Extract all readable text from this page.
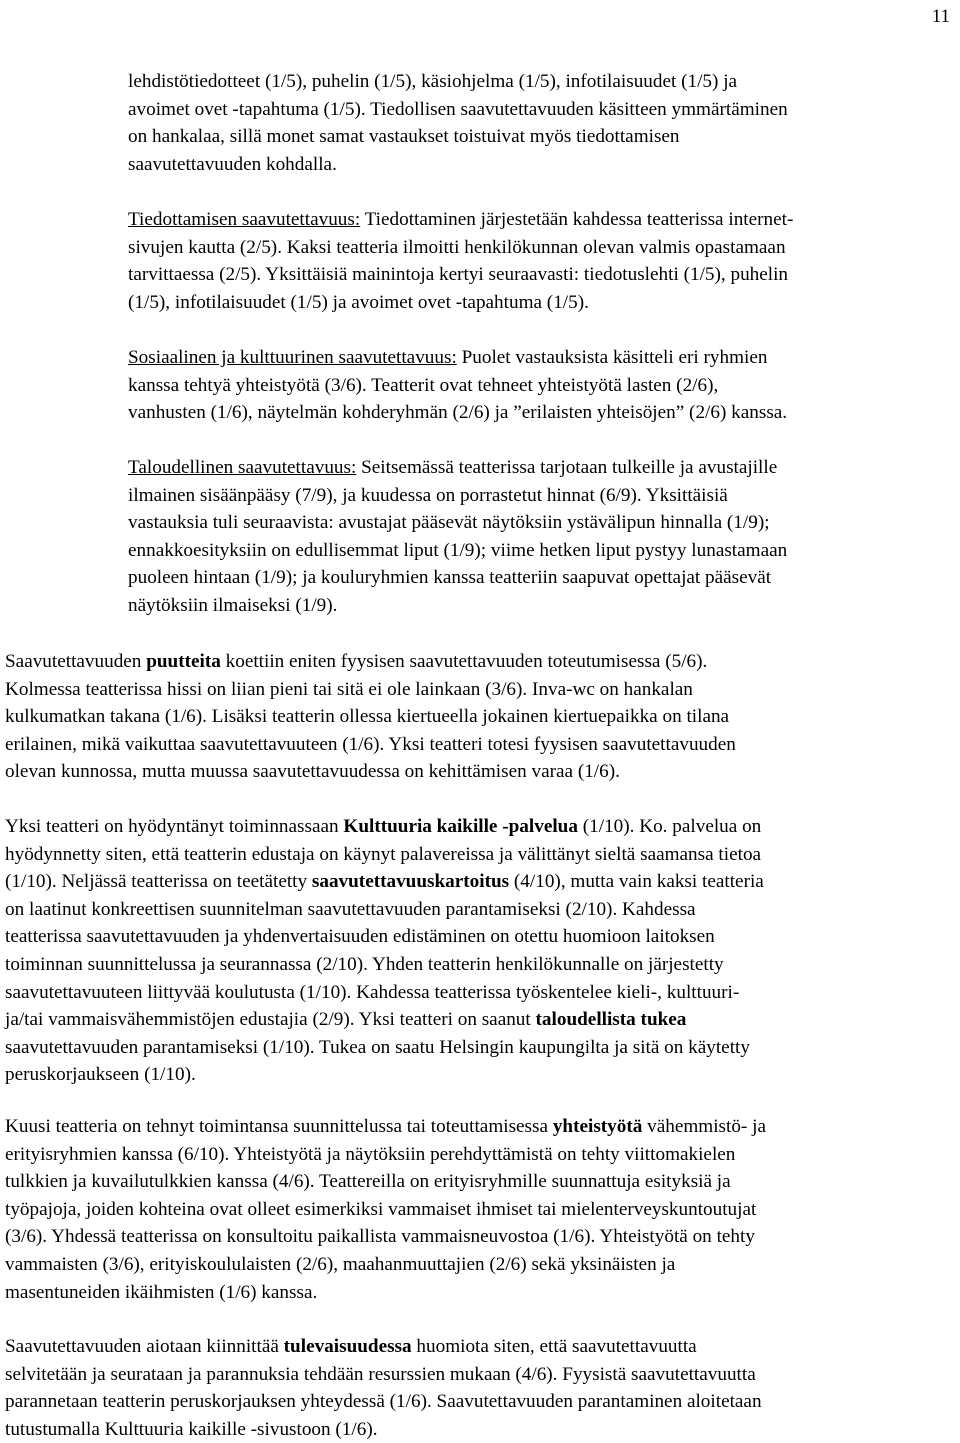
11
lehdistötiedotteet (1/5), puhelin (1/5), käsiohjelma (1/5), infotilaisuudet (1/5) ja
avoimet ovet -tapahtuma (1/5). Tiedollisen saavutettavuuden käsitteen ymmärtäminen
on hankalaa, sillä monet samat vastaukset toistuivat myös tiedottamisen
saavutettavuuden kohdalla.
Tiedottamisen saavutettavuus: Tiedottaminen järjestetään kahdessa teatterissa internet-
sivujen kautta (2/5). Kaksi teatteria ilmoitti henkilökunnan olevan valmis opastamaan
tarvittaessa (2/5). Yksittäisiä mainintoja kertyi seuraavasti: tiedotuslehti (1/5), puhelin
(1/5), infotilaisuudet (1/5) ja avoimet ovet -tapahtuma (1/5).
Sosiaalinen ja kulttuurinen saavutettavuus: Puolet vastauksista käsitteli eri ryhmien
kanssa tehtyä yhteistyötä (3/6). Teatterit ovat tehneet yhteistyötä lasten (2/6),
vanhusten (1/6), näytelmän kohderyhmän (2/6) ja ”erilaisten yhteisöjen” (2/6) kanssa.
Taloudellinen saavutettavuus: Seitsemässä teatterissa tarjotaan tulkeille ja avustajille
ilmainen sisäänpääsy (7/9), ja kuudessa on porrastetut hinnat (6/9). Yksittäisiä
vastauksia tuli seuraavista: avustajat pääsevät näytöksiin ystävälipun hinnalla (1/9);
ennakkoesityksiin on edullisemmat liput (1/9); viime hetken liput pystyy lunastamaan
puoleen hintaan (1/9); ja kouluryhmien kanssa teatteriin saapuvat opettajat pääsevät
näytöksiin ilmaiseksi (1/9).
Saavutettavuuden puutteita koettiin eniten fyysisen saavutettavuuden toteutumisessa (5/6).
Kolmessa teatterissa hissi on liian pieni tai sitä ei ole lainkaan (3/6). Inva-wc on hankalan
kulkumatkan takana (1/6). Lisäksi teatterin ollessa kiertueella jokainen kiertuepaikka on tilana
erilainen, mikä vaikuttaa saavutettavuuteen (1/6). Yksi teatteri totesi fyysisen saavutettavuuden
olevan kunnossa, mutta muussa saavutettavuudessa on kehittämisen varaa (1/6).
Yksi teatteri on hyödyntänyt toiminnassaan Kulttuuria kaikille -palvelua (1/10). Ko. palvelua on
hyödynnetty siten, että teatterin edustaja on käynyt palavereissa ja välittänyt sieltä saamansa tietoa
(1/10). Neljässä teatterissa on teetätetty saavutettavuuskartoitus (4/10), mutta vain kaksi teatteria
on laatinut konkreettisen suunnitelman saavutettavuuden parantamiseksi (2/10). Kahdessa
teatterissa saavutettavuuden ja yhdenvertaisuuden edistäminen on otettu huomioon laitoksen
toiminnan suunnittelussa ja seurannassa (2/10). Yhden teatterin henkilökunnalle on järjestetty
saavutettavuuteen liittyvää koulutusta (1/10). Kahdessa teatterissa työskentelee kieli-, kulttuuri-
ja/tai vammaisvähemmistöjen edustajia (2/9). Yksi teatteri on saanut taloudellista tukea
saavutettavuuden parantamiseksi (1/10). Tukea on saatu Helsingin kaupungilta ja sitä on käytetty
peruskorjaukseen (1/10).
Kuusi teatteria on tehnyt toimintansa suunnittelussa tai toteuttamisessa yhteistyötä vähemmistö- ja
erityisryhmien kanssa (6/10). Yhteistyötä ja näytöksiin perehdyttämistä on tehty viittomakielen
tulkkien ja kuvailutulkkien kanssa (4/6). Teattereilla on erityisryhmille suunnattuja esityksiä ja
työpajoja, joiden kohteina ovat olleet esimerkiksi vammaiset ihmiset tai mielenterveyskuntoutujat
(3/6). Yhdessä teatterissa on konsultoitu paikallista vammaisneuvostoa (1/6). Yhteistyötä on tehty
vammaisten (3/6), erityiskoululaisten (2/6), maahanmuuttajien (2/6) sekä yksinäisten ja
masentuneiden ikäihmisten (1/6) kanssa.
Saavutettavuuden aiotaan kiinnittää tulevaisuudessa huomiota siten, että saavutettavuutta
selvitetään ja seurataan ja parannuksia tehdään resurssien mukaan (4/6). Fyysistä saavutettavuutta
parannetaan teatterin peruskorjauksen yhteydessä (1/6). Saavutettavuuden parantaminen aloitetaan
tutustumalla Kulttuuria kaikille -sivustoon (1/6).
